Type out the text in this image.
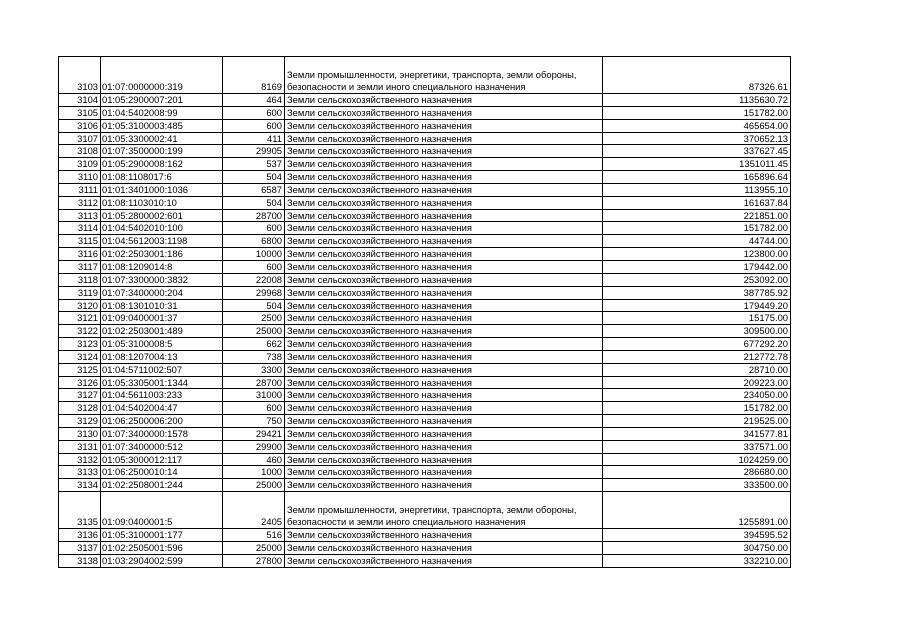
3103	01:07:0000000:319	8169	Земли промышленности, энергетики, транспорта, земли обороны, безопасности и земли иного специального назначения	87326.61
3104	01:05:2900007:201	464	Земли сельскохозяйственного назначения	1135630.72
3105	01:04:5402008:99	600	Земли сельскохозяйственного назначения	151782.00
3106	01:05:3100003:485	600	Земли сельскохозяйственного назначения	465654.00
3107	01:05:3300002:41	411	Земли сельскохозяйственного назначения	370652.13
3108	01:07:3500000:199	29905	Земли сельскохозяйственного назначения	337627.45
3109	01:05:2900008:162	537	Земли сельскохозяйственного назначения	1351011.45
3110	01:08:1108017:6	504	Земли сельскохозяйственного назначения	165896.64
3111	01:01:3401000:1036	6587	Земли сельскохозяйственного назначения	113955.10
3112	01:08:1103010:10	504	Земли сельскохозяйственного назначения	161637.84
3113	01:05:2800002:601	28700	Земли сельскохозяйственного назначения	221851.00
3114	01:04:5402010:100	600	Земли сельскохозяйственного назначения	151782.00
3115	01:04:5612003:1198	6800	Земли сельскохозяйственного назначения	44744.00
3116	01:02:2503001:186	10000	Земли сельскохозяйственного назначения	123800.00
3117	01:08:1209014:8	600	Земли сельскохозяйственного назначения	179442.00
3118	01:07:3300000:3832	22008	Земли сельскохозяйственного назначения	253092.00
3119	01:07:3400000:204	29968	Земли сельскохозяйственного назначения	387785.92
3120	01:08:1301010:31	504	Земли сельскохозяйственного назначения	179449.20
3121	01:09:0400001:37	2500	Земли сельскохозяйственного назначения	15175.00
3122	01:02:2503001:489	25000	Земли сельскохозяйственного назначения	309500.00
3123	01:05:3100008:5	662	Земли сельскохозяйственного назначения	677292.20
3124	01:08:1207004:13	738	Земли сельскохозяйственного назначения	212772.78
3125	01:04:5711002:507	3300	Земли сельскохозяйственного назначения	28710.00
3126	01:05:3305001:1344	28700	Земли сельскохозяйственного назначения	209223.00
3127	01:04:5611003:233	31000	Земли сельскохозяйственного назначения	234050.00
3128	01:04:5402004:47	600	Земли сельскохозяйственного назначения	151782.00
3129	01:06:2500006:200	750	Земли сельскохозяйственного назначения	219525.00
3130	01:07:3400000:1578	29421	Земли сельскохозяйственного назначения	341577.81
3131	01:07:3400000:512	29900	Земли сельскохозяйственного назначения	337571.00
3132	01:05:3000012:117	460	Земли сельскохозяйственного назначения	1024259.00
3133	01:06:2500010:14	1000	Земли сельскохозяйственного назначения	286680.00
3134	01:02:2508001:244	25000	Земли сельскохозяйственного назначения	333500.00
3135	01:09:0400001:5	2405	Земли промышленности, энергетики, транспорта, земли обороны, безопасности и земли иного специального назначения	1255891.00
3136	01:05:3100001:177	516	Земли сельскохозяйственного назначения	394595.52
3137	01:02:2505001:596	25000	Земли сельскохозяйственного назначения	304750.00
3138	01:03:2904002:599	27800	Земли сельскохозяйственного назначения	332210.00
